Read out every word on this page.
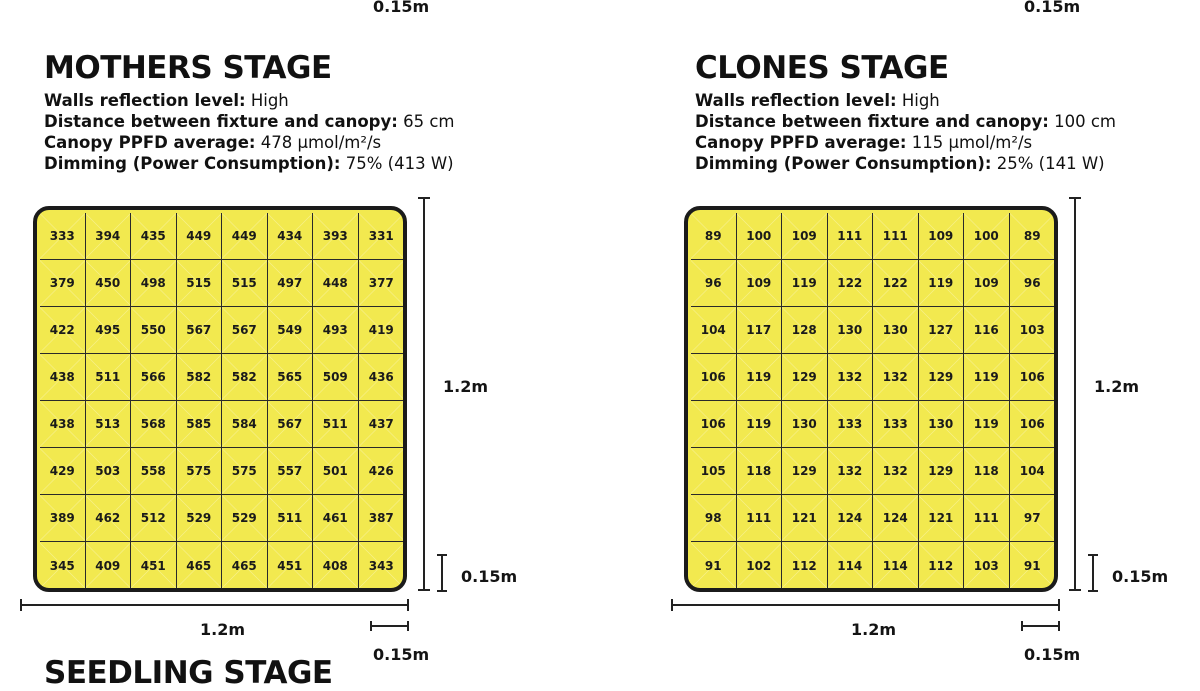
0.15m
MOTHERS STAGE
Walls reflection level: High
Distance between fixture and canopy: 65 cm
Canopy PPFD average: 478 µmol/m²/s
Dimming (Power Consumption): 75% (413 W)
333	394	435	449	449	434	393	331
379	450	498	515	515	497	448	377
422	495	550	567	567	549	493	419
438	511	566	582	582	565	509	436
438	513	568	585	584	567	511	437
429	503	558	575	575	557	501	426
389	462	512	529	529	511	461	387
345	409	451	465	465	451	408	343
1.2m
0.15m
1.2m
0.15m
SEEDLING STAGE
0.15m
CLONES STAGE
Walls reflection level: High
Distance between fixture and canopy: 100 cm
Canopy PPFD average: 115 µmol/m²/s
Dimming (Power Consumption): 25% (141 W)
89	100	109	111	111	109	100	89
96	109	119	122	122	119	109	96
104	117	128	130	130	127	116	103
106	119	129	132	132	129	119	106
106	119	130	133	133	130	119	106
105	118	129	132	132	129	118	104
98	111	121	124	124	121	111	97
91	102	112	114	114	112	103	91
1.2m
0.15m
1.2m
0.15m
